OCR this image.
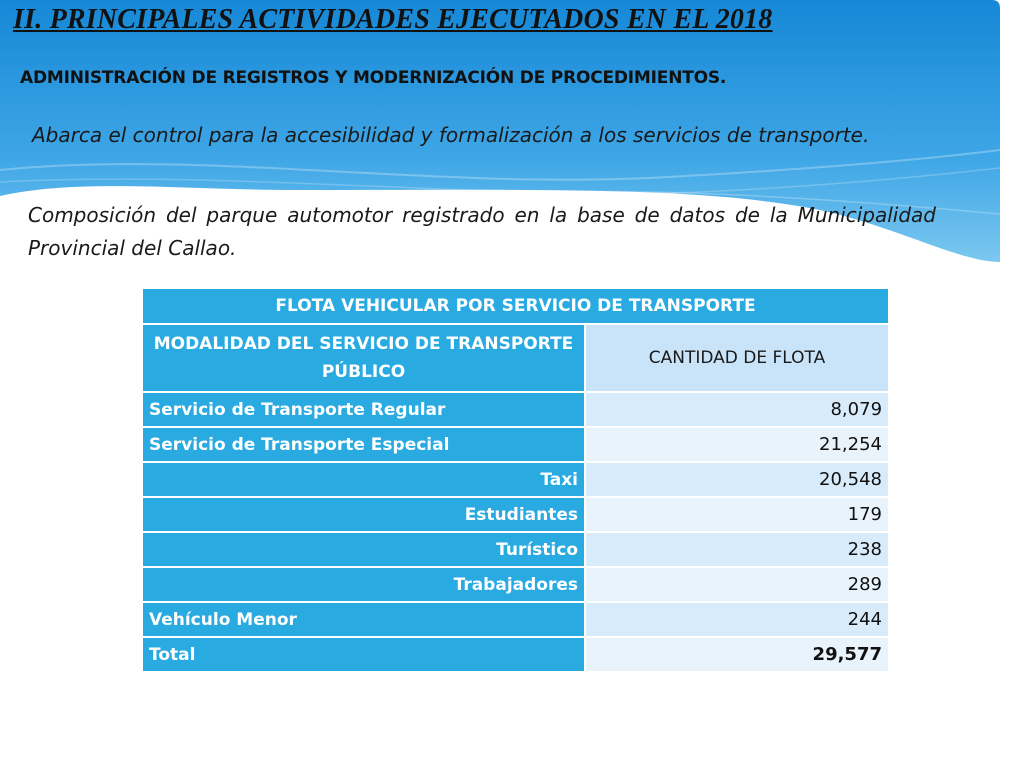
II. PRINCIPALES ACTIVIDADES EJECUTADOS EN EL 2018
ADMINISTRACIÓN DE REGISTROS Y MODERNIZACIÓN DE PROCEDIMIENTOS.

Abarca el control para la accesibilidad y formalización a los servicios de transporte.

Composición del parque automotor registrado en la base de datos de la Municipalidad Provincial del Callao.

FLOTA VEHICULAR POR SERVICIO DE TRANSPORTE	
MODALIDAD DEL SERVICIO DE TRANSPORTE PÚBLICO	CANTIDAD DE FLOTA
Servicio de Transporte Regular	8,079
Servicio de Transporte Especial	21,254
Taxi	20,548
Estudiantes	179
Turístico	238
Trabajadores	289
Vehículo Menor	244
Total	29,577
